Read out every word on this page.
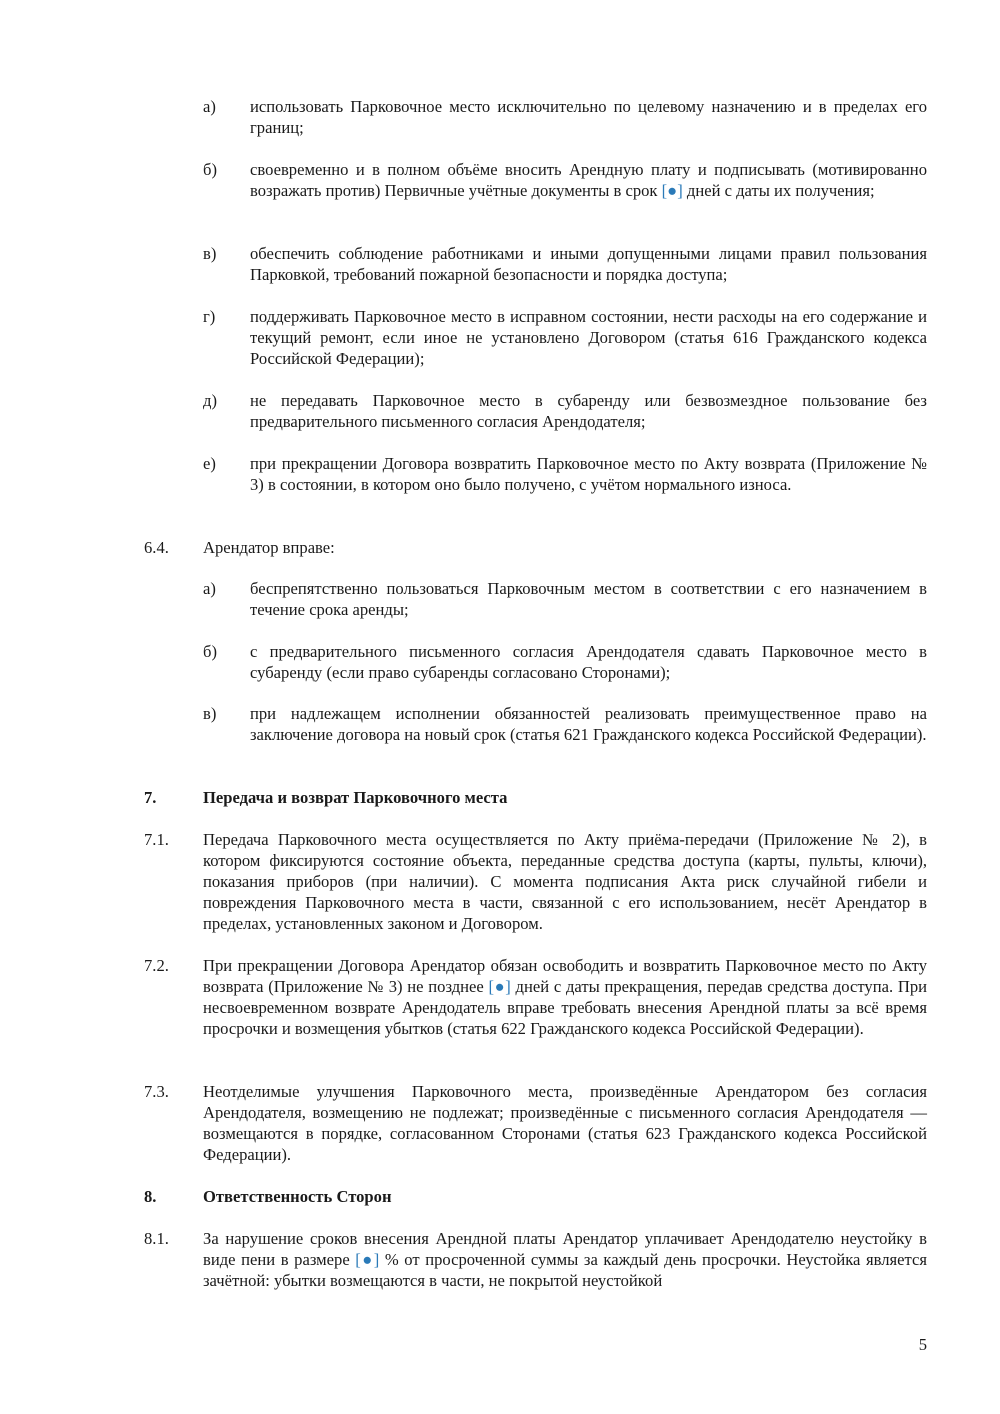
а)	использовать Парковочное место исключительно по целевому назначению и в пределах его границ;
б)	своевременно и в полном объёме вносить Арендную плату и подписывать (мотивированно возражать против) Первичные учётные документы в срок [●] дней с даты их получения;
в)	обеспечить соблюдение работниками и иными допущенными лицами правил пользования Парковкой, требований пожарной безопасности и порядка доступа;
г)	поддерживать Парковочное место в исправном состоянии, нести расходы на его содержание и текущий ремонт, если иное не установлено Договором (статья 616 Гражданского кодекса Российской Федерации);
д)	не передавать Парковочное место в субаренду или безвозмездное пользование без предварительного письменного согласия Арендодателя;
е)	при прекращении Договора возвратить Парковочное место по Акту возврата (Приложение № 3) в состоянии, в котором оно было получено, с учётом нормального износа.
6.4.	Арендатор вправе:
а)	беспрепятственно пользоваться Парковочным местом в соответствии с его назначением в течение срока аренды;
б)	с предварительного письменного согласия Арендодателя сдавать Парковочное место в субаренду (если право субаренды согласовано Сторонами);
в)	при надлежащем исполнении обязанностей реализовать преимущественное право на заключение договора на новый срок (статья 621 Гражданского кодекса Российской Федерации).
7.	Передача и возврат Парковочного места
7.1.	Передача Парковочного места осуществляется по Акту приёма-передачи (Приложение № 2), в котором фиксируются состояние объекта, переданные средства доступа (карты, пульты, ключи), показания приборов (при наличии). С момента подписания Акта риск случайной гибели и повреждения Парковочного места в части, связанной с его использованием, несёт Арендатор в пределах, установленных законом и Договором.
7.2.	При прекращении Договора Арендатор обязан освободить и возвратить Парковочное место по Акту возврата (Приложение № 3) не позднее [●] дней с даты прекращения, передав средства доступа. При несвоевременном возврате Арендодатель вправе требовать внесения Арендной платы за всё время просрочки и возмещения убытков (статья 622 Гражданского кодекса Российской Федерации).
7.3.	Неотделимые улучшения Парковочного места, произведённые Арендатором без согласия Арендодателя, возмещению не подлежат; произведённые с письменного согласия Арендодателя — возмещаются в порядке, согласованном Сторонами (статья 623 Гражданского кодекса Российской Федерации).
8.	Ответственность Сторон
8.1.	За нарушение сроков внесения Арендной платы Арендатор уплачивает Арендодателю неустойку в виде пени в размере [●] % от просроченной суммы за каждый день просрочки. Неустойка является зачётной: убытки возмещаются в части, не покрытой неустойкой
5
